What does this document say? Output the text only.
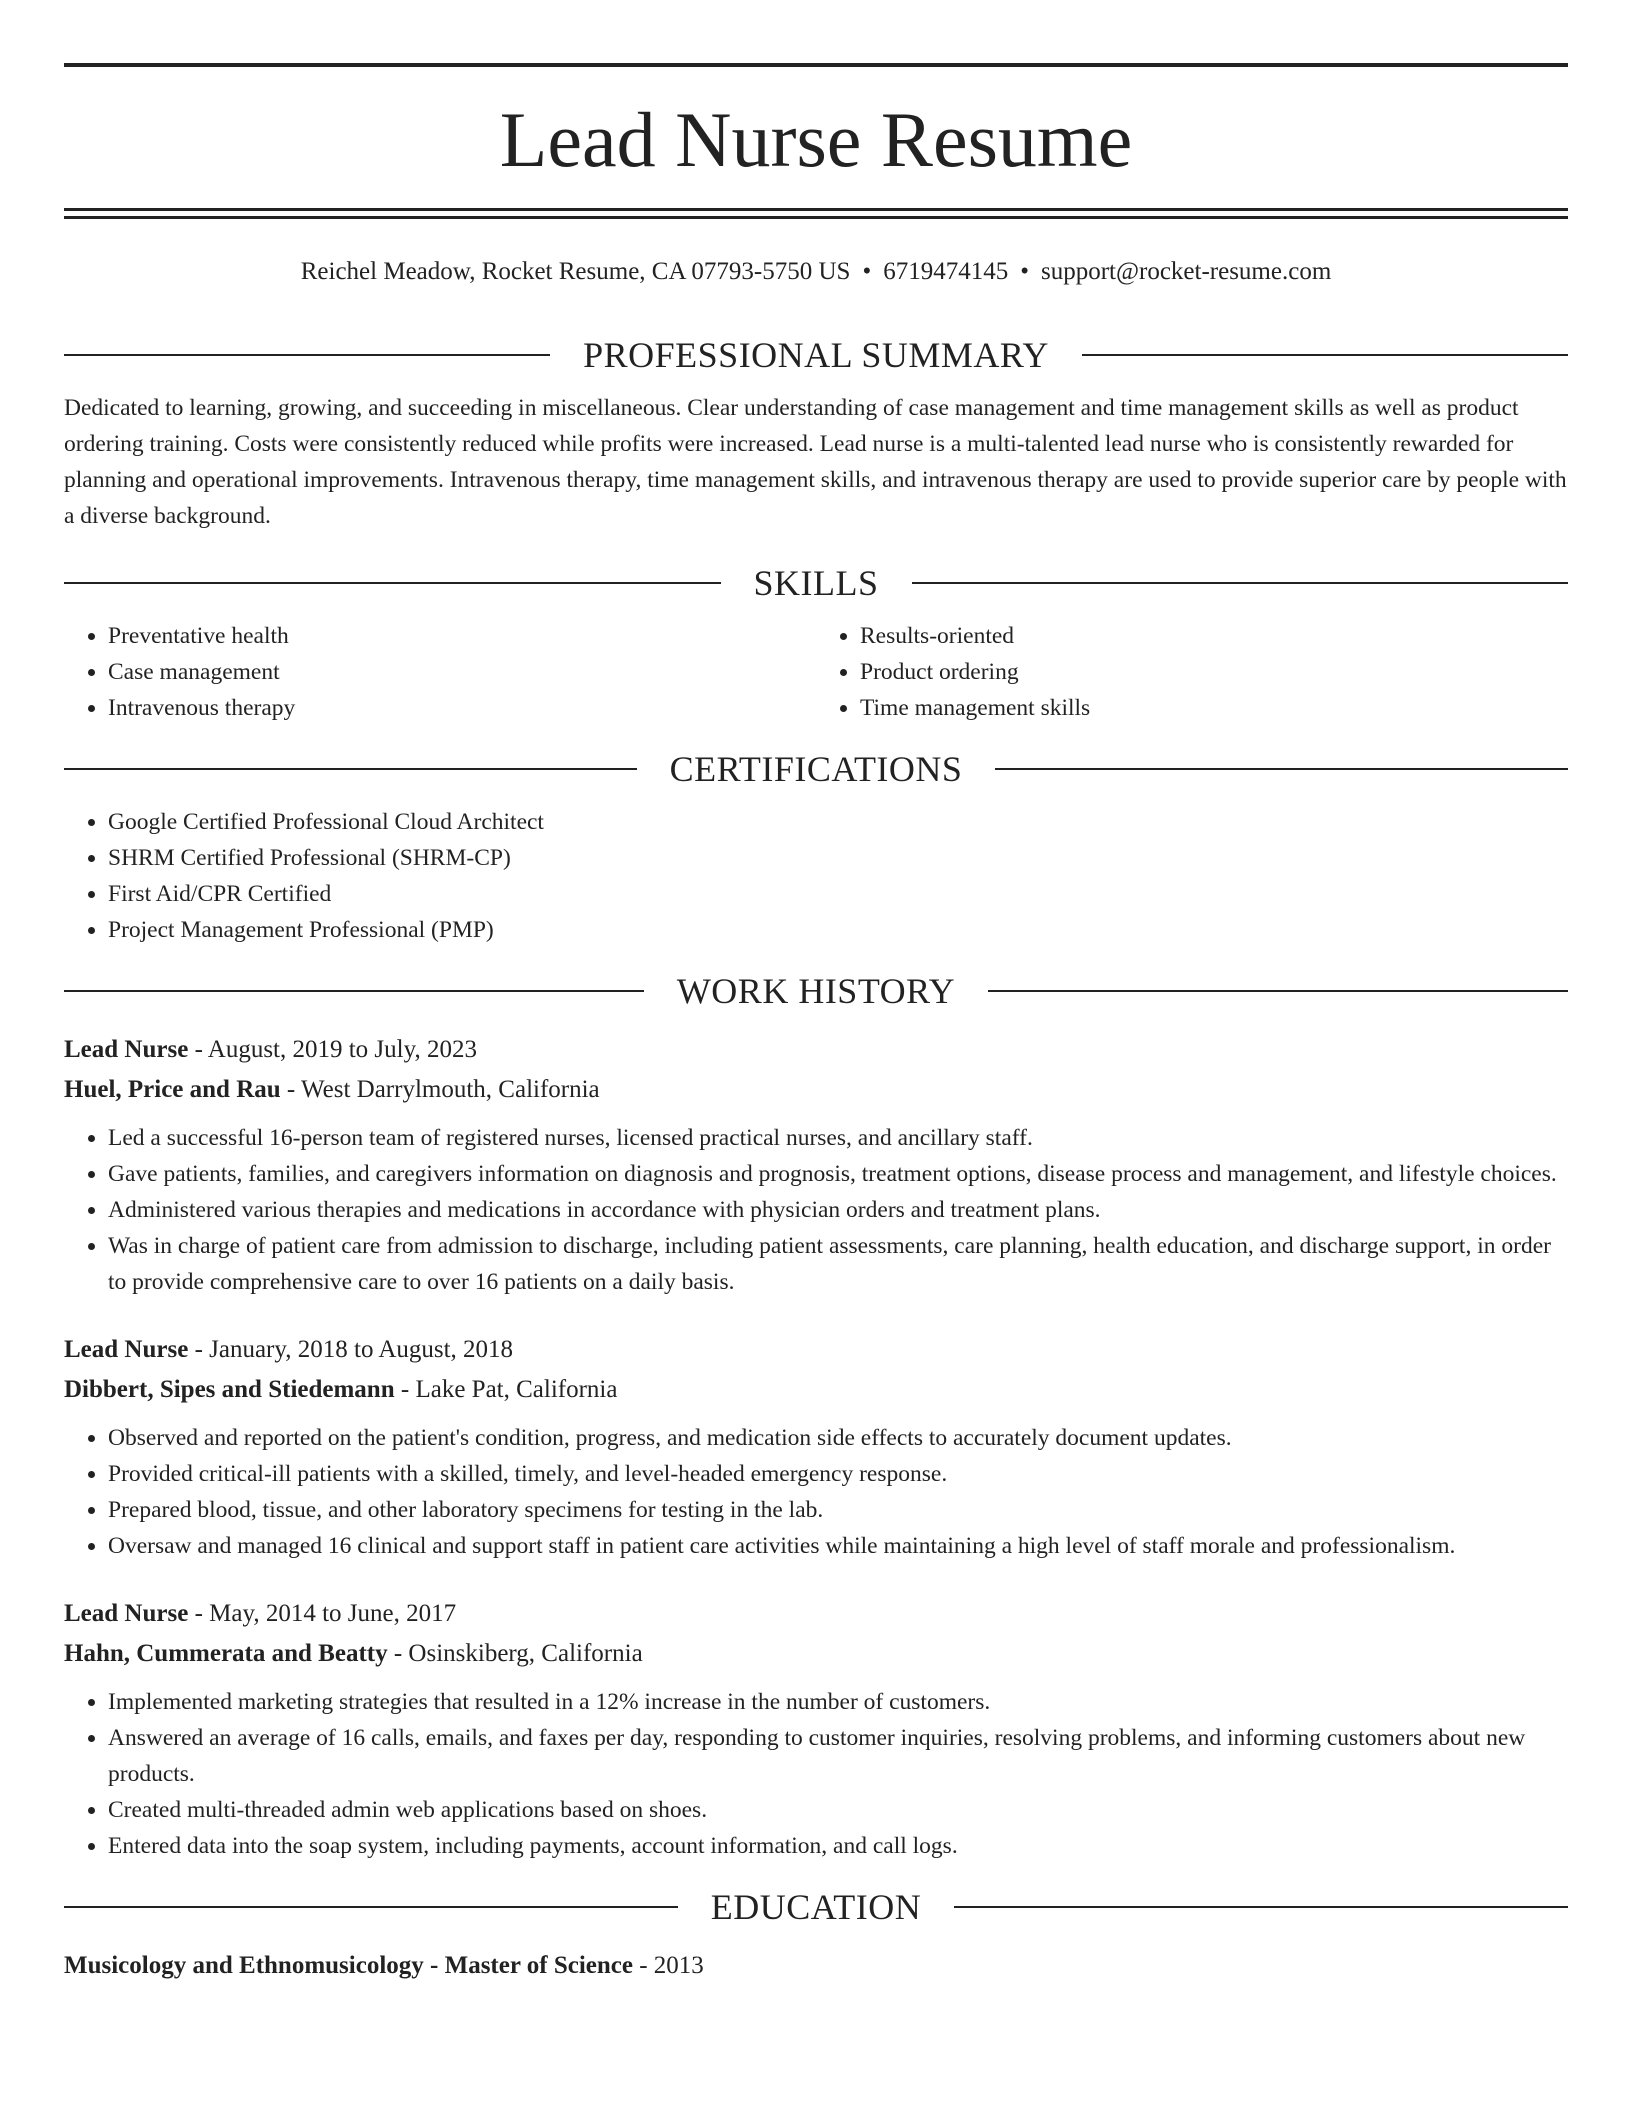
Lead Nurse Resume
Reichel Meadow, Rocket Resume, CA 07793-5750 US • 6719474145 • support@rocket-resume.com
PROFESSIONAL SUMMARY

Dedicated to learning, growing, and succeeding in miscellaneous. Clear understanding of case management and time management skills as well as product ordering training. Costs were consistently reduced while profits were increased. Lead nurse is a multi-talented lead nurse who is consistently rewarded for planning and operational improvements. Intravenous therapy, time management skills, and intravenous therapy are used to provide superior care by people with a diverse background.

SKILLS
• Preventative health
• Case management
• Intravenous therapy
• Results-oriented
• Product ordering
• Time management skills
CERTIFICATIONS
• Google Certified Professional Cloud Architect
• SHRM Certified Professional (SHRM-CP)
• First Aid/CPR Certified
• Project Management Professional (PMP)
WORK HISTORY
Lead Nurse - August, 2019 to July, 2023
Huel, Price and Rau - West Darrylmouth, California
• Led a successful 16-person team of registered nurses, licensed practical nurses, and ancillary staff.
• Gave patients, families, and caregivers information on diagnosis and prognosis, treatment options, disease process and management, and lifestyle choices.
• Administered various therapies and medications in accordance with physician orders and treatment plans.
• Was in charge of patient care from admission to discharge, including patient assessments, care planning, health education, and discharge support, in order to provide comprehensive care to over 16 patients on a daily basis.
Lead Nurse - January, 2018 to August, 2018
Dibbert, Sipes and Stiedemann - Lake Pat, California
• Observed and reported on the patient's condition, progress, and medication side effects to accurately document updates.
• Provided critical-ill patients with a skilled, timely, and level-headed emergency response.
• Prepared blood, tissue, and other laboratory specimens for testing in the lab.
• Oversaw and managed 16 clinical and support staff in patient care activities while maintaining a high level of staff morale and professionalism.
Lead Nurse - May, 2014 to June, 2017
Hahn, Cummerata and Beatty - Osinskiberg, California
• Implemented marketing strategies that resulted in a 12% increase in the number of customers.
• Answered an average of 16 calls, emails, and faxes per day, responding to customer inquiries, resolving problems, and informing customers about new products.
• Created multi-threaded admin web applications based on shoes.
• Entered data into the soap system, including payments, account information, and call logs.
EDUCATION
Musicology and Ethnomusicology - Master of Science - 2013
